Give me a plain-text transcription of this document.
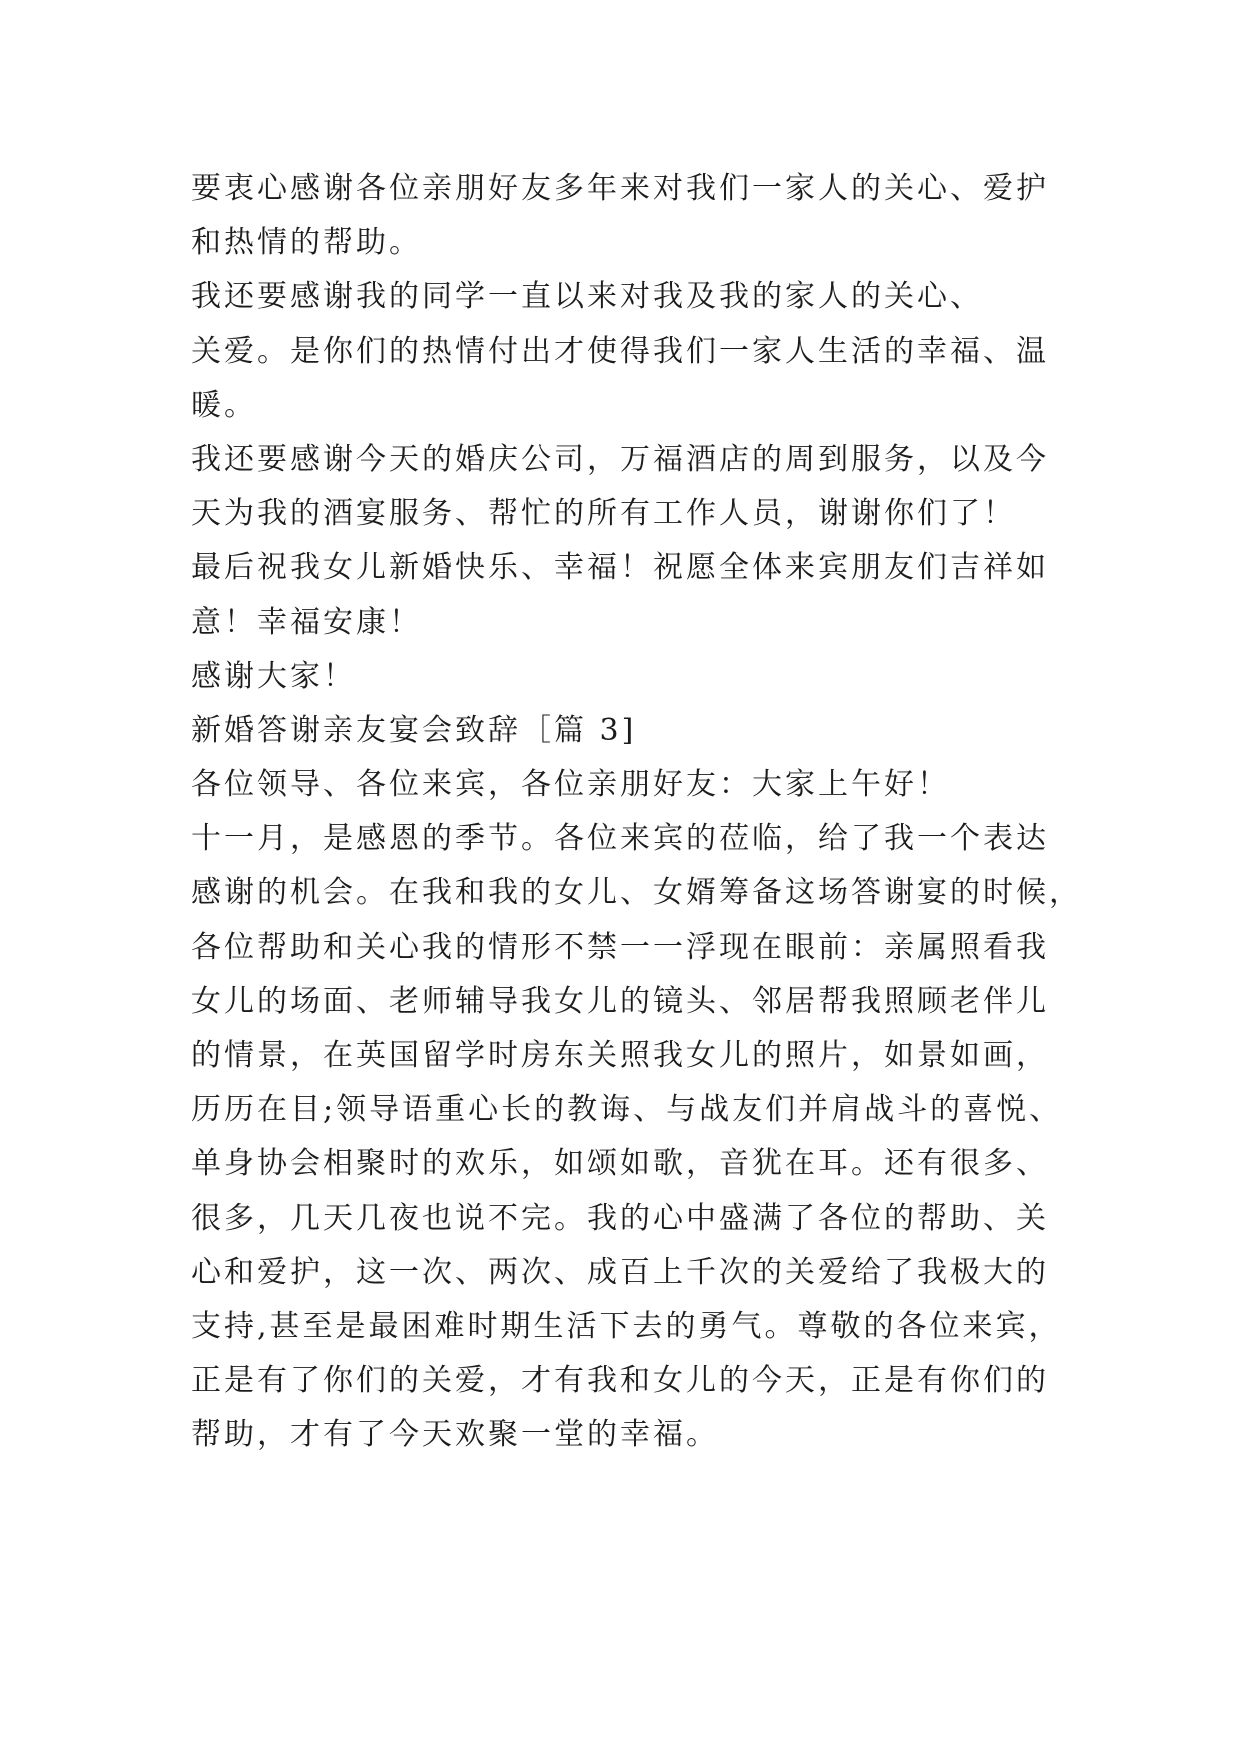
要衷心感谢各位亲朋好友多年来对我们一家人的关心、爱护
和热情的帮助。
我还要感谢我的同学一直以来对我及我的家人的关心、
关爱。是你们的热情付出才使得我们一家人生活的幸福、温
暖。
我还要感谢今天的婚庆公司，万福酒店的周到服务，以及今
天为我的酒宴服务、帮忙的所有工作人员，谢谢你们了！
最后祝我女儿新婚快乐、幸福！祝愿全体来宾朋友们吉祥如
意！幸福安康！
感谢大家！
新婚答谢亲友宴会致辞［篇 3]
各位领导、各位来宾，各位亲朋好友：大家上午好！
十一月，是感恩的季节。各位来宾的莅临，给了我一个表达
感谢的机会。在我和我的女儿、女婿筹备这场答谢宴的时候，
各位帮助和关心我的情形不禁一一浮现在眼前：亲属照看我
女儿的场面、老师辅导我女儿的镜头、邻居帮我照顾老伴儿
的情景，在英国留学时房东关照我女儿的照片，如景如画，
历历在目;领导语重心长的教诲、与战友们并肩战斗的喜悦、
单身协会相聚时的欢乐，如颂如歌，音犹在耳。还有很多、
很多，几天几夜也说不完。我的心中盛满了各位的帮助、关
心和爱护，这一次、两次、成百上千次的关爱给了我极大的
支持,甚至是最困难时期生活下去的勇气。尊敬的各位来宾，
正是有了你们的关爱，才有我和女儿的今天，正是有你们的
帮助，才有了今天欢聚一堂的幸福。
